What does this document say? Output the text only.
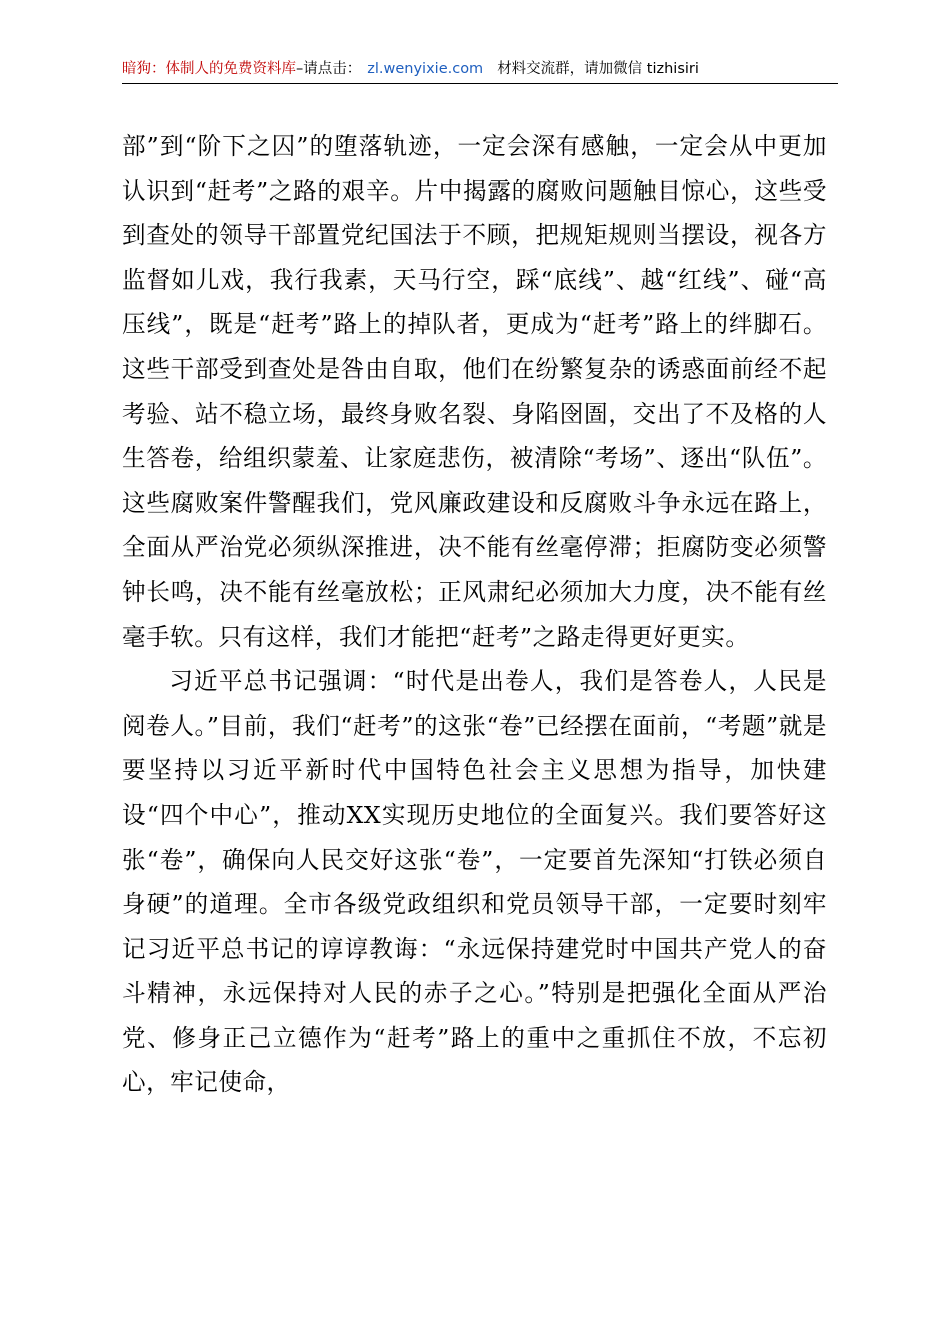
暗狗：体制人的免费资料库–请点击： zl.wenyixie.com 材料交流群，请加微信 tizhisiri

部”到“阶下之囚”的堕落轨迹，一定会深有感触，一定会从中更加认识到“赶考”之路的艰辛。片中揭露的腐败问题触目惊心，这些受到查处的领导干部置党纪国法于不顾，把规矩规则当摆设，视各方监督如儿戏，我行我素，天马行空，踩“底线”、越“红线”、碰“高压线”，既是“赶考”路上的掉队者，更成为“赶考”路上的绊脚石。这些干部受到查处是咎由自取，他们在纷繁复杂的诱惑面前经不起考验、站不稳立场，最终身败名裂、身陷囹圄，交出了不及格的人生答卷，给组织蒙羞、让家庭悲伤，被清除“考场”、逐出“队伍”。这些腐败案件警醒我们，党风廉政建设和反腐败斗争永远在路上，全面从严治党必须纵深推进，决不能有丝毫停滞；拒腐防变必须警钟长鸣，决不能有丝毫放松；正风肃纪必须加大力度，决不能有丝毫手软。只有这样，我们才能把“赶考”之路走得更好更实。

习近平总书记强调：“时代是出卷人，我们是答卷人，人民是阅卷人。”目前，我们“赶考”的这张“卷”已经摆在面前，“考题”就是要坚持以习近平新时代中国特色社会主义思想为指导，加快建设“四个中心”，推动XX实现历史地位的全面复兴。我们要答好这张“卷”，确保向人民交好这张“卷”，一定要首先深知“打铁必须自身硬”的道理。全市各级党政组织和党员领导干部，一定要时刻牢记习近平总书记的谆谆教诲：“永远保持建党时中国共产党人的奋斗精神，永远保持对人民的赤子之心。”特别是把强化全面从严治党、修身正己立德作为“赶考”路上的重中之重抓住不放，不忘初心，牢记使命，
